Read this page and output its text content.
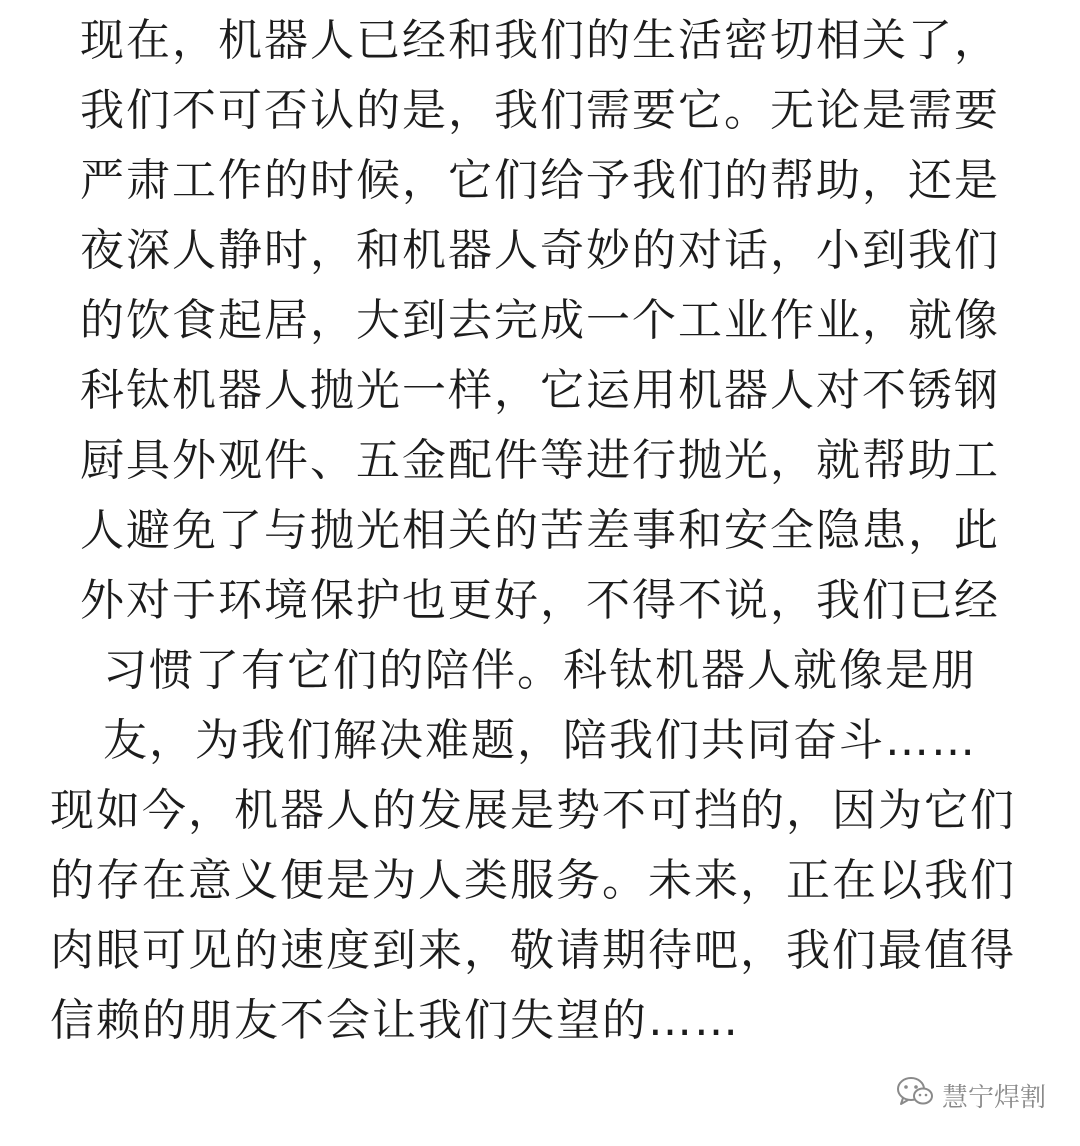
现在，机器人已经和我们的生活密切相关了，
我们不可否认的是，我们需要它。无论是需要
严肃工作的时候，它们给予我们的帮助，还是
夜深人静时，和机器人奇妙的对话，小到我们
的饮食起居，大到去完成一个工业作业，就像
科钛机器人抛光一样，它运用机器人对不锈钢
厨具外观件、五金配件等进行抛光，就帮助工
人避免了与抛光相关的苦差事和安全隐患，此
外对于环境保护也更好，不得不说，我们已经
习惯了有它们的陪伴。科钛机器人就像是朋
友，为我们解决难题，陪我们共同奋斗……
现如今，机器人的发展是势不可挡的，因为它们
的存在意义便是为人类服务。未来，正在以我们
肉眼可见的速度到来，敬请期待吧，我们最值得
信赖的朋友不会让我们失望的……
慧宁焊割
